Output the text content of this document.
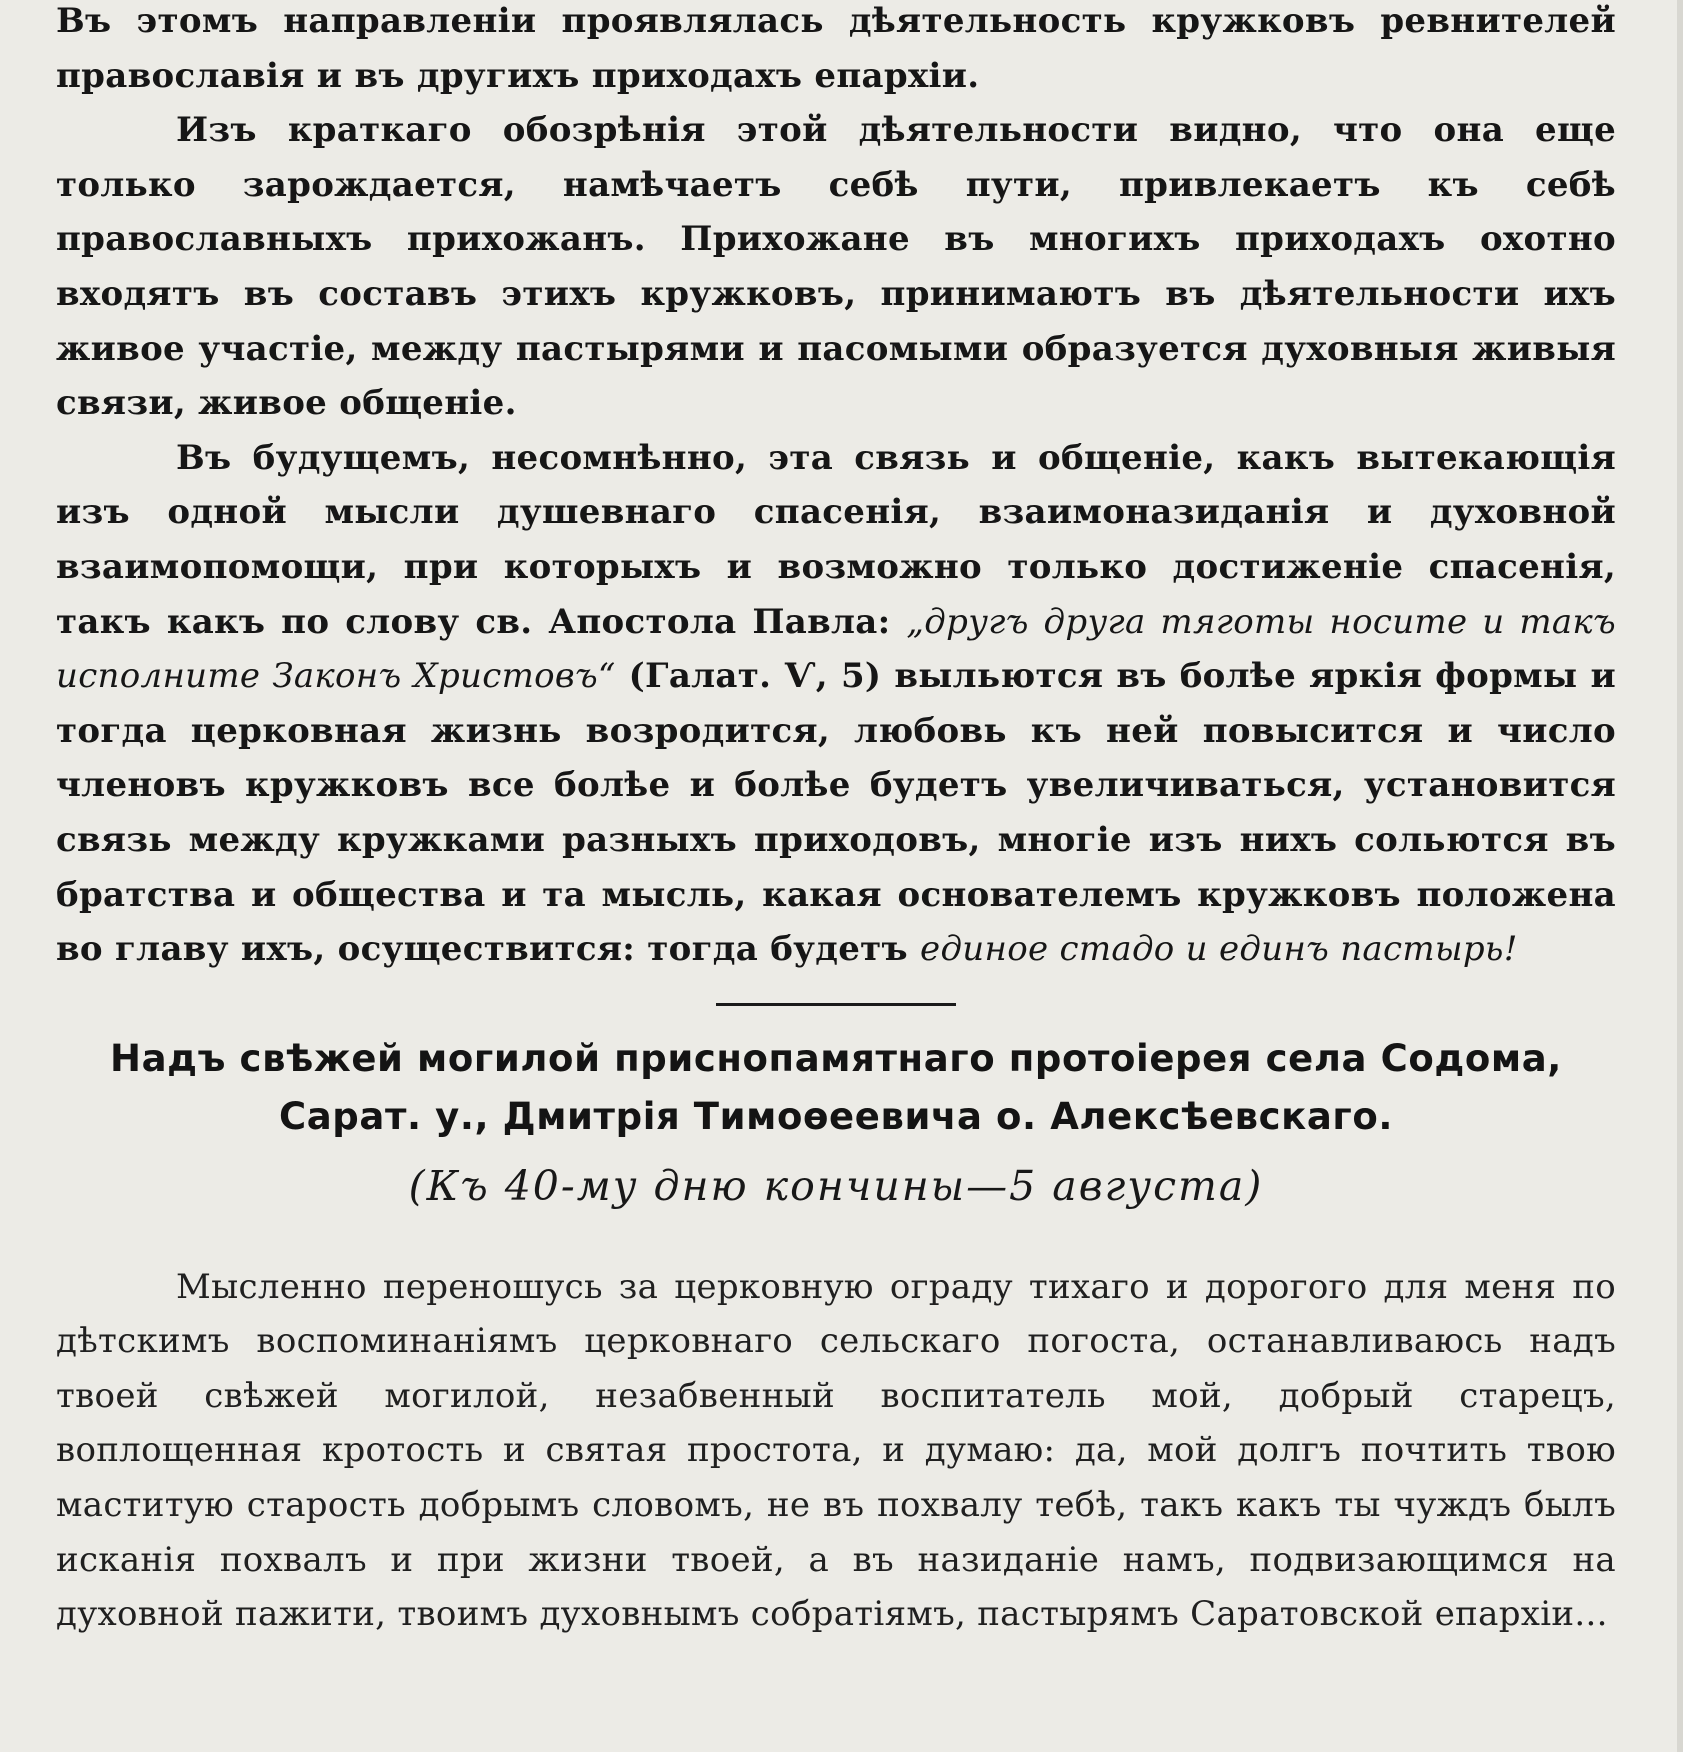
Въ этомъ направленiи проявлялась дѣятельность кружковъ ревнителей православiя и въ другихъ приходахъ епархiи.

Изъ краткаго обозрѣнiя этой дѣятельности видно, что она еще только зарождается, намѣчаетъ себѣ пути, привлекаетъ къ себѣ православныхъ прихожанъ. Прихожане въ многихъ приходахъ охотно входятъ въ составъ этихъ кружковъ, принимаютъ въ дѣятельности ихъ живое участiе, между пастырями и пасомыми образуется духовныя живыя связи, живое общенiе.

Въ будущемъ, несомнѣнно, эта связь и общенiе, какъ вытекающiя изъ одной мысли душевнаго спасенiя, взаимоназиданiя и духовной взаимопомощи, при которыхъ и возможно только достиженiе спасенiя, такъ какъ по слову св. Апостола Павла: „другъ друга тяготы носите и такъ исполните Законъ Христовъ“ (Галат. Ѵ, 5) выльются въ болѣе яркiя формы и тогда церковная жизнь возродится, любовь къ ней повысится и число членовъ кружковъ все болѣе и болѣе будетъ увеличиваться, установится связь между кружками разныхъ приходовъ, многiе изъ нихъ сольются въ братства и общества и та мысль, какая основателемъ кружковъ положена во главу ихъ, осуществится: тогда будетъ единое стадо и единъ пастырь!

Надъ свѣжей могилой приснопамятнаго протоiерея села Содома,

Сарат. у., Дмитрiя Тимоѳеевича о. Алексѣевскаго.

(Къ 40-му дню кончины—5 августа)

Мысленно переношусь за церковную ограду тихаго и дорогого для меня по дѣтскимъ воспоминанiямъ церковнаго сельскаго погоста, останавливаюсь надъ твоей свѣжей могилой, незабвенный воспитатель мой, добрый старецъ, воплощенная кротость и святая простота, и думаю: да, мой долгъ почтить твою маститую старость добрымъ словомъ, не въ похвалу тебѣ, такъ какъ ты чуждъ былъ исканiя похвалъ и при жизни твоей, а въ назиданiе намъ, подвизающимся на духовной пажити, твоимъ духовнымъ собратiямъ, пастырямъ Саратовской епархiи...
